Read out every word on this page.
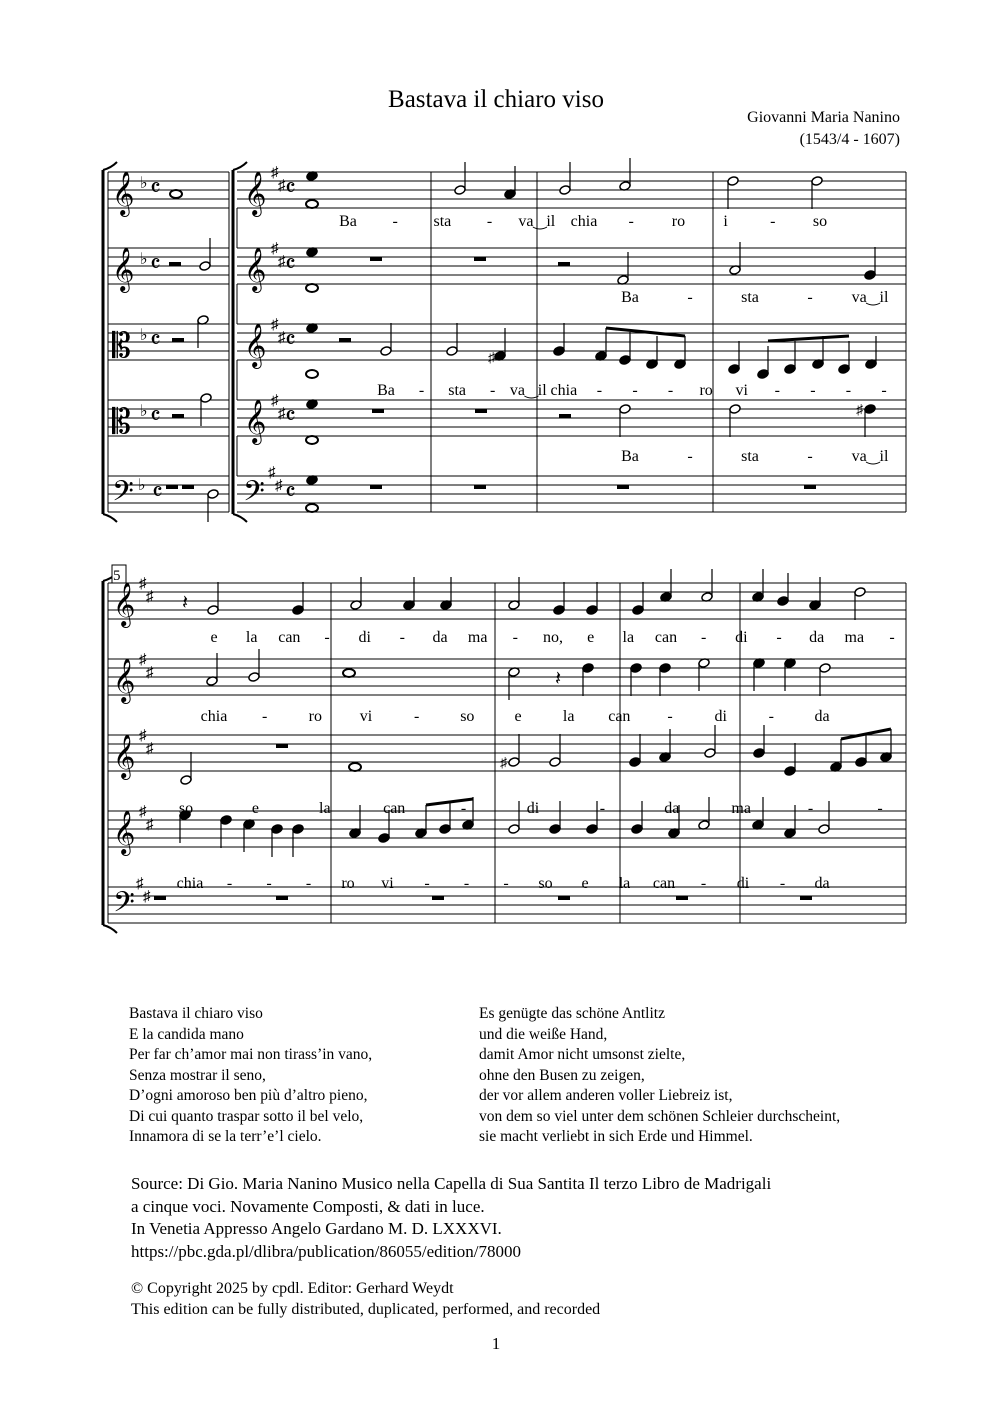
Bastava il chiaro viso
Giovanni Maria Nanino
(1543/4 - 1607)
5
𝄞 ♭ 𝄴 𝄞 ♯
♯ 𝄴
𝄞 ♭ 𝄴 𝄞 ♯
♯ 𝄴
𝄡 ♭ 𝄴 𝄞 ♯
♯ 𝄴
𝄡 ♭ 𝄴 𝄞 ♯
♯ 𝄴
𝄢 ♭ 𝄴 𝄢
♯
♯ 𝄴
♯
♯
𝄞 ♯
♯
𝄞 ♯
♯
𝄞 ♯
♯
𝄞 ♯
♯
𝄢
♯
♯
𝄽
𝄽
♯
Ba - sta - va‿il chia - ro i	- so
Ba	-	sta	- va‿il
Ba - sta - va‿il chia - - - ro vi - - - -
Ba	-	sta	- va‿il
e la can - di - da ma - no, e la can - di - da ma -
chia -	ro vi	-	so e	la can -	di	-	da
so	e	la	can	-	di	-	da	ma	-	-
chia - - - ro vi - - - so e la can - di - da
Bastava il chiaro viso
E la candida mano
Per far ch’amor mai non tirass’in vano,
Senza mostrar il seno,
D’ogni amoroso ben più d’altro pieno,
Di cui quanto traspar sotto il bel velo,
Innamora di se la terr’e’l cielo.
Es genügte das schöne Antlitz
und die weiße Hand,
damit Amor nicht umsonst zielte,
ohne den Busen zu zeigen,
der vor allem anderen voller Liebreiz ist,
von dem so viel unter dem schönen Schleier durchscheint,
sie macht verliebt in sich Erde und Himmel.
Source: Di Gio. Maria Nanino Musico nella Capella di Sua Santita Il terzo Libro de Madrigali
a cinque voci. Novamente Composti, & dati in luce.
In Venetia Appresso Angelo Gardano M. D. LXXXVI.
https://pbc.gda.pl/dlibra/publication/86055/edition/78000
© Copyright 2025 by cpdl. Editor: Gerhard Weydt
This edition can be fully distributed, duplicated, performed, and recorded
1
